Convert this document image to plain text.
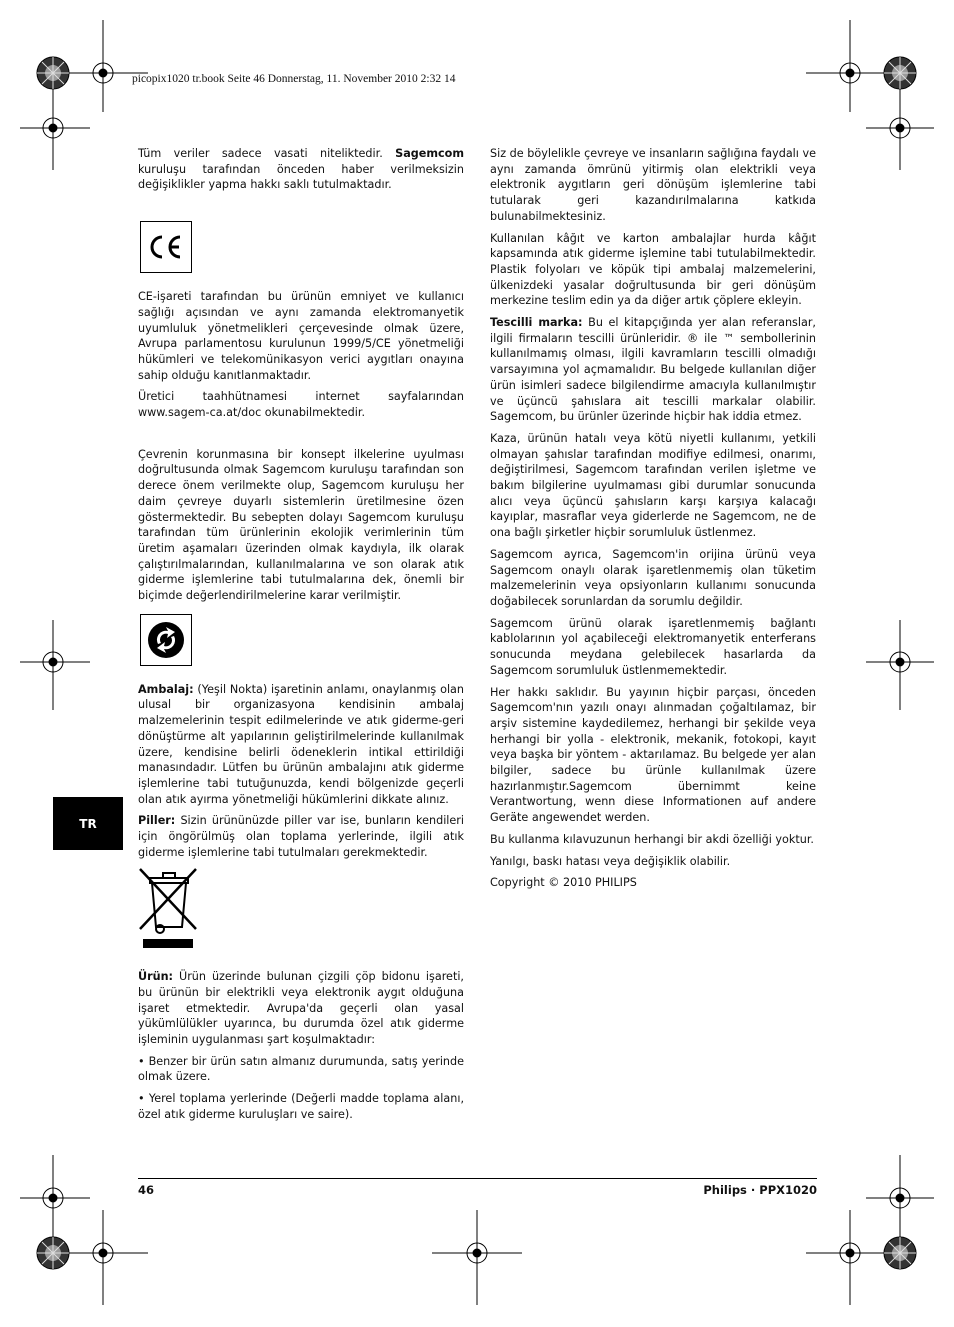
picopix1020 tr.book Seite 46 Donnerstag, 11. November 2010 2:32 14
TR

Tüm veriler sadece vasati niteliktedir. Sagemcom kuruluşu tarafından önceden haber verilmeksizin değişiklikler yapma hakkı saklı tutulmaktadır.

CE-işareti tarafından bu ürünün emniyet ve kullanıcı sağlığı açısından ve aynı zamanda elektromanyetik uyumluluk yönetmelikleri çerçevesinde olmak üzere, Avrupa parlamentosu kurulunun 1999/5/CE yönetmeliği hükümleri ve telekomünikasyon verici aygıtları onayına sahip olduğu kanıtlanmaktadır.

Üretici taahhütnamesi internet sayfalarından www.sagem-ca.at/doc okunabilmektedir.

Çevrenin korunmasına bir konsept ilkelerine uyulması doğrultusunda olmak Sagemcom kuruluşu tarafından son derece önem verilmekte olup, Sagemcom kuruluşu her daim çevreye duyarlı sistemlerin üretilmesine özen göstermektedir. Bu sebepten dolayı Sagemcom kuruluşu tarafından tüm ürünlerinin ekolojik verimlerinin tüm üretim aşamaları üzerinden olmak kaydıyla, ilk olarak çalıştırılmalarından, kullanılmalarına ve son olarak atık giderme işlemlerine tabi tutulmalarına dek, önemli bir biçimde değerlendirilmelerine karar verilmiştir.

Ambalaj: (Yeşil Nokta) işaretinin anlamı, onaylanmış olan ulusal bir organizasyona kendisinin ambalaj malzemelerinin tespit edilmelerinde ve atık giderme-geri dönüştürme alt yapılarının geliştirilmelerinde kullanılmak üzere, kendisine belirli ödeneklerin intikal ettirildiği manasındadır. Lütfen bu ürünün ambalajını atık giderme işlemlerine tabi tutuğunuzda, kendi bölgenizde geçerli olan atık ayırma yönetmeliği hükümlerini dikkate alınız.

Piller: Sizin ürününüzde piller var ise, bunların kendileri için öngörülmüş olan toplama yerlerinde, ilgili atık giderme işlemlerine tabi tutulmaları gerekmektedir.

Ürün: Ürün üzerinde bulunan çizgili çöp bidonu işareti, bu ürünün bir elektrikli veya elektronik aygıt olduğuna işaret etmektedir. Avrupa'da geçerli olan yasal yükümlülükler uyarınca, bu durumda özel atık giderme işleminin uygulanması şart koşulmaktadır:

• Benzer bir ürün satın almanız durumunda, satış yerinde olmak üzere.

• Yerel toplama yerlerinde (Değerli madde toplama alanı, özel atık giderme kuruluşları ve saire).

Siz de böylelikle çevreye ve insanların sağlığına faydalı ve aynı zamanda ömrünü yitirmiş olan elektrikli veya elektronik aygıtların geri dönüşüm işlemlerine tabi tutularak geri kazandırılmalarına katkıda bulunabilmektesiniz.

Kullanılan kâğıt ve karton ambalajlar hurda kâğıt kapsamında atık giderme işlemine tabi tutulabilmektedir. Plastik folyoları ve köpük tipi ambalaj malzemelerini, ülkenizdeki yasalar doğrultusunda bir geri dönüşüm merkezine teslim edin ya da diğer artık çöplere ekleyin.

Tescilli marka: Bu el kitapçığında yer alan referanslar, ilgili firmaların tescilli ürünleridir. ® ile ™ sembollerinin kullanılmamış olması, ilgili kavramların tescilli olmadığı varsayımına yol açmamalıdır. Bu belgede kullanılan diğer ürün isimleri sadece bilgilendirme amacıyla kullanılmıştır ve üçüncü şahıslara ait tescilli markalar olabilir. Sagemcom, bu ürünler üzerinde hiçbir hak iddia etmez.

Kaza, ürünün hatalı veya kötü niyetli kullanımı, yetkili olmayan şahıslar tarafından modifiye edilmesi, onarımı, değiştirilmesi, Sagemcom tarafından verilen işletme ve bakım bilgilerine uyulmaması gibi durumlar sonucunda alıcı veya üçüncü şahısların karşı karşıya kalacağı kayıplar, masraflar veya giderlerde ne Sagemcom, ne de ona bağlı şirketler hiçbir sorumluluk üstlenmez.

Sagemcom ayrıca, Sagemcom'in orijina ürünü veya Sagemcom onaylı olarak işaretlenmemiş olan tüketim malzemelerinin veya opsiyonların kullanımı sonucunda doğabilecek sorunlardan da sorumlu değildir.

Sagemcom ürünü olarak işaretlenmemiş bağlantı kablolarının yol açabileceği elektromanyetik enterferans sonucunda meydana gelebilecek hasarlarda da Sagemcom sorumluluk üstlenmemektedir.

Her hakkı saklıdır. Bu yayının hiçbir parçası, önceden Sagemcom'nın yazılı onayı alınmadan çoğaltılamaz, bir arşiv sistemine kaydedilemez, herhangi bir şekilde veya herhangi bir yolla - elektronik, mekanik, fotokopi, kayıt veya başka bir yöntem - aktarılamaz. Bu belgede yer alan bilgiler, sadece bu ürünle kullanılmak üzere hazırlanmıştır.Sagemcom übernimmt keine Verantwortung, wenn diese Informationen auf andere Geräte angewendet werden.

Bu kullanma kılavuzunun herhangi bir akdi özelliği yoktur.

Yanılgı, baskı hatası veya değişiklik olabilir.

Copyright © 2010 PHILIPS

46	Philips · PPX1020
